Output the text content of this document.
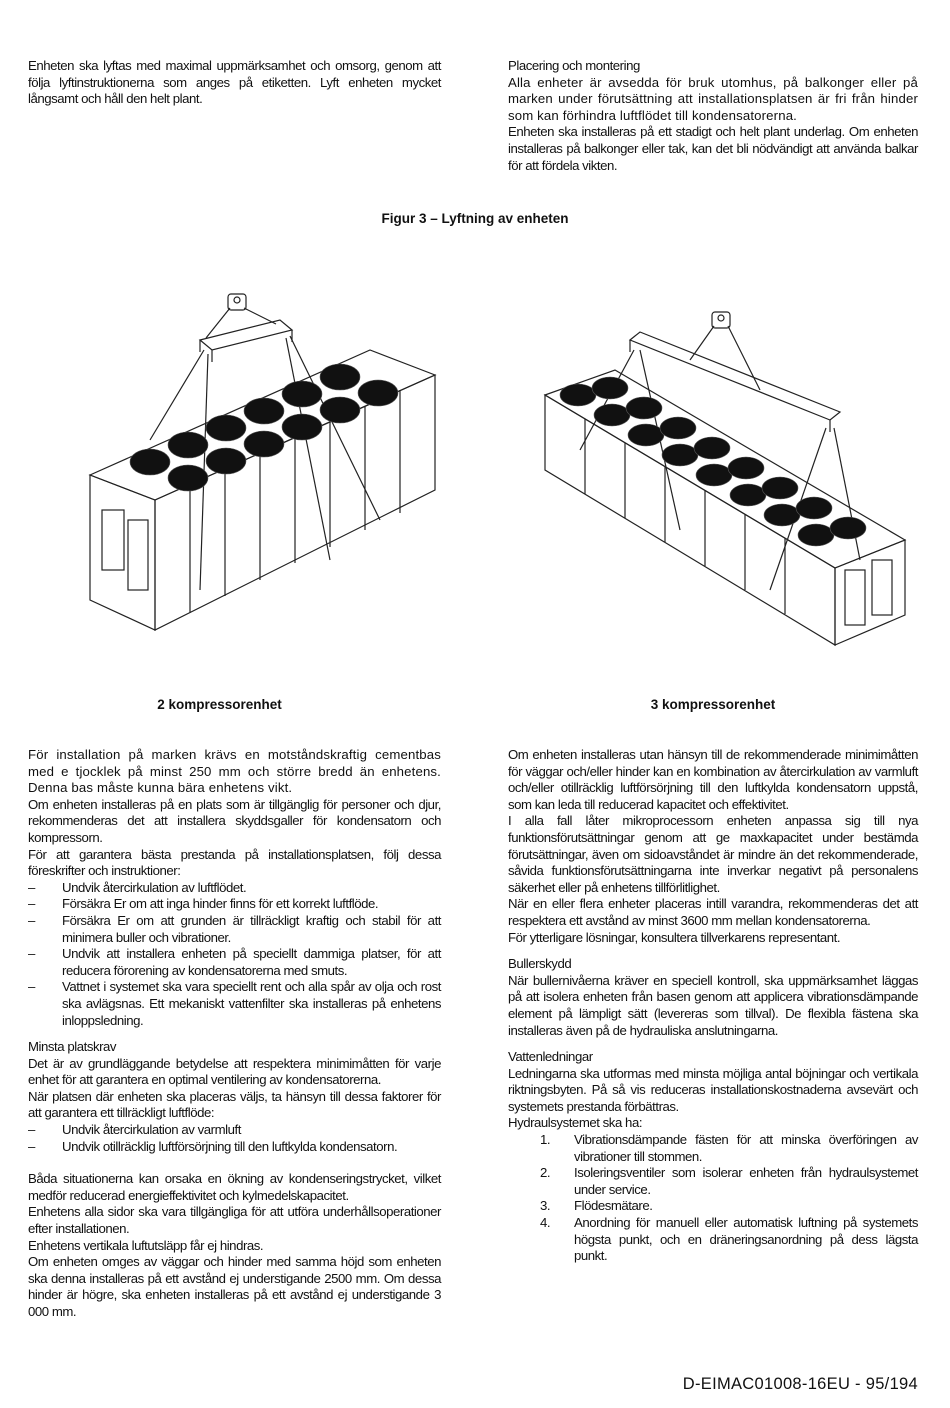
Enheten ska lyftas med maximal uppmärksamhet och omsorg, genom att följa lyftinstruktionerna som anges på etiketten. Lyft enheten mycket långsamt och håll den helt plant.

Placering och montering

Alla enheter är avsedda för bruk utomhus, på balkonger eller på marken under förutsättning att installationsplatsen är fri från hinder som kan förhindra luftflödet till kondensatorerna.

Enheten ska installeras på ett stadigt och helt plant underlag. Om enheten installeras på balkonger eller tak, kan det bli nödvändigt att använda balkar för att fördela vikten.

Figur 3 – Lyftning av enheten
2 kompressorenhet	3 kompressorenhet

För installation på marken krävs en motståndskraftig cementbas med e tjocklek på minst 250 mm och större bredd än enhetens. Denna bas måste kunna bära enhetens vikt.

Om enheten installeras på en plats som är tillgänglig för personer och djur, rekommenderas det att installera skyddsgaller för kondensatorn och kompressorn.

För att garantera bästa prestanda på installationsplatsen, följ dessa föreskrifter och instruktioner:

– Undvik återcirkulation av luftflödet.
– Försäkra Er om att inga hinder finns för ett korrekt luftflöde.
– Försäkra Er om att grunden är tillräckligt kraftig och stabil för att minimera buller och vibrationer.
– Undvik att installera enheten på speciellt dammiga platser, för att reducera förorening av kondensatorerna med smuts.
– Vattnet i systemet ska vara speciellt rent och alla spår av olja och rost ska avlägsnas. Ett mekaniskt vattenfilter ska installeras på enhetens inloppsledning.

Minsta platskrav

Det är av grundläggande betydelse att respektera minimimåtten för varje enhet för att garantera en optimal ventilering av kondensatorerna.

När platsen där enheten ska placeras väljs, ta hänsyn till dessa faktorer för att garantera ett tillräckligt luftflöde:

– Undvik återcirkulation av varmluft
– Undvik otillräcklig luftförsörjning till den luftkylda kondensatorn.

Båda situationerna kan orsaka en ökning av kondenseringstrycket, vilket medför reducerad energieffektivitet och kylmedelskapacitet.

Enhetens alla sidor ska vara tillgängliga för att utföra underhållsoperationer efter installationen.

Enhetens vertikala luftutsläpp får ej hindras.

Om enheten omges av väggar och hinder med samma höjd som enheten ska denna installeras på ett avstånd ej understigande 2500 mm. Om dessa hinder är högre, ska enheten installeras på ett avstånd ej understigande 3 000 mm.

Om enheten installeras utan hänsyn till de rekommenderade minimimåtten för väggar och/eller hinder kan en kombination av återcirkulation av varmluft och/eller otillräcklig luftförsörjning till den luftkylda kondensatorn uppstå, som kan leda till reducerad kapacitet och effektivitet.

I alla fall låter mikroprocessorn enheten anpassa sig till nya funktionsförutsättningar genom att ge maxkapacitet under bestämda förutsättningar, även om sidoavståndet är mindre än det rekommenderade, såvida funktionsförutsättningarna inte inverkar negativt på personalens säkerhet eller på enhetens tillförlitlighet.

När en eller flera enheter placeras intill varandra, rekommenderas det att respektera ett avstånd av minst 3600 mm mellan kondensatorerna.

För ytterligare lösningar, konsultera tillverkarens representant.

Bullerskydd

När bullernivåerna kräver en speciell kontroll, ska uppmärksamhet läggas på att isolera enheten från basen genom att applicera vibrationsdämpande element på lämpligt sätt (levereras som tillval). De flexibla fästena ska installeras även på de hydrauliska anslutningarna.

Vattenledningar

Ledningarna ska utformas med minsta möjliga antal böjningar och vertikala riktningsbyten. På så vis reduceras installationskostnaderna avsevärt och systemets prestanda förbättras.

Hydraulsystemet ska ha:

1. Vibrationsdämpande fästen för att minska överföringen av vibrationer till stommen.
2. Isoleringsventiler som isolerar enheten från hydraulsystemet under service.
3. Flödesmätare.
4. Anordning för manuell eller automatisk luftning på systemets högsta punkt, och en dräneringsanordning på dess lägsta punkt.
D-EIMAC01008-16EU - 95/194
